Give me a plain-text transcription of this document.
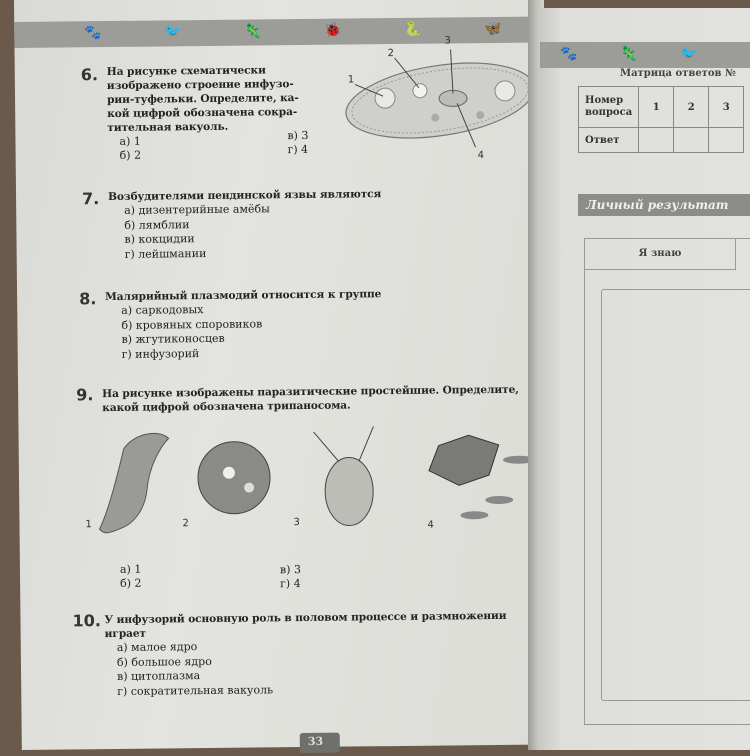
🐾	🐦	🦎	🐞	🐍	🦋
6. На рисунке схематически
изображено строение инфузо-
рии-туфельки. Определите, ка-
кой цифрой обозначена сокра-
тительная вакуоль.
а) 1
б) 2
в) 3
г) 4
1
2
3
4
7. Возбудителями пендинской язвы являются
а) дизентерийные амёбы
б) лямблии
в) кокцидии
г) лейшмании
8. Малярийный плазмодий относится к группе
а) саркодовых
б) кровяных споровиков
в) жгутиконосцев
г) инфузорий
9. На рисунке изображены паразитические простейшие. Определите,
какой цифрой обозначена трипаносома.
1	2	3	4
а) 1
б) 2
в) 3
г) 4
10. У инфузорий основную роль в половом процессе и размножении
играет
а) малое ядро
б) большое ядро
в) цитоплазма
г) сократительная вакуоль
33
🐾	🦎	🐦
Матрица ответов №
Номер
вопроса	1	2	3
Ответ			
Личный результат
Я знаю
